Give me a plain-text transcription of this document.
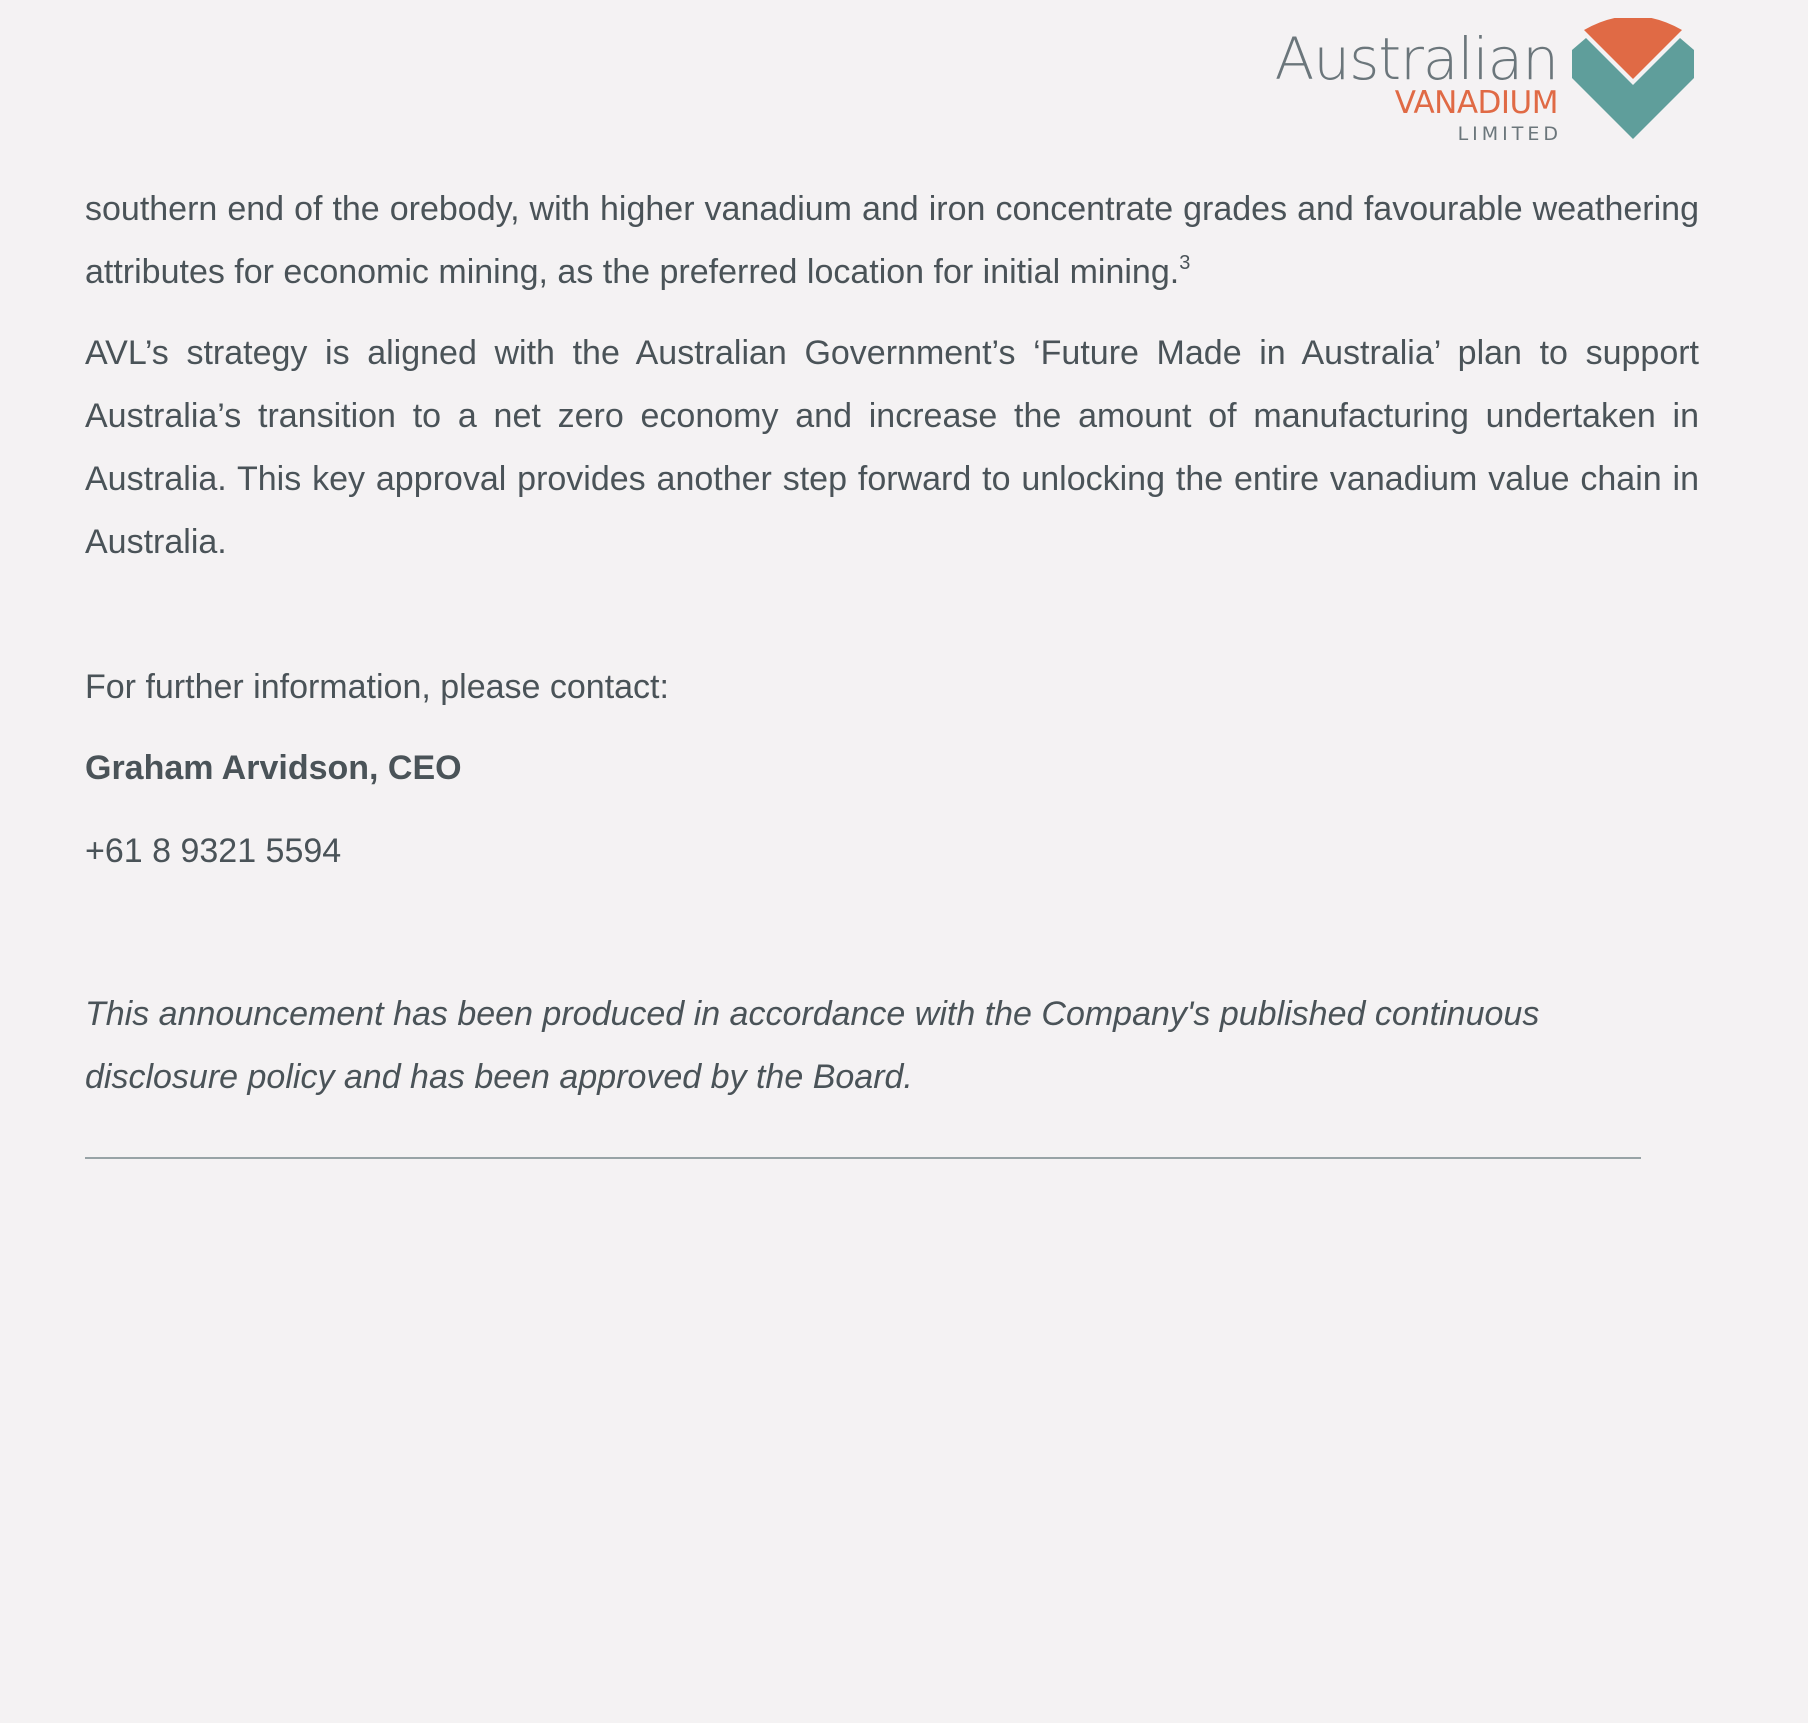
Australian
VANADIUM
LIMITED

southern end of the orebody, with higher vanadium and iron concentrate grades and favourable weathering attributes for economic mining, as the preferred location for initial mining.$^3$

AVL’s strategy is aligned with the Australian Government’s ‘Future Made in Australia’ plan to support Australia’s transition to a net zero economy and increase the amount of manufacturing undertaken in Australia. This key approval provides another step forward to unlocking the entire vanadium value chain in Australia.

For further information, please contact:

Graham Arvidson, CEO

+61 8 9321 5594

This announcement has been produced in accordance with the Company's published continuous disclosure policy and has been approved by the Board.
